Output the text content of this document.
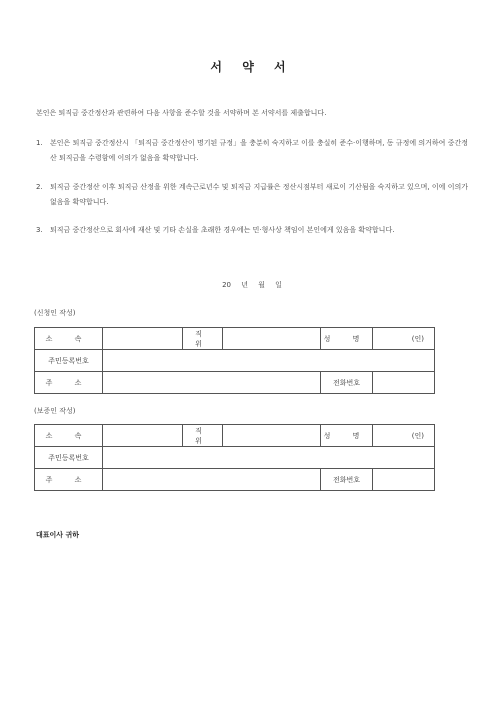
서 약 서
본인은 퇴직금 중간정산과 관련하여 다음 사항을 준수할 것을 서약하며 본 서약서를 제출합니다.
1. 본인은 퇴직금 중간정산시 「퇴직금 중간정산이 명기된 규정」을 충분히 숙지하고 이를 충실히 준수·이행하며, 동 규정에 의거하여 중간정산 퇴직금을 수령함에 이의가 없음을 확약합니다.
2. 퇴직금 중간정산 이후 퇴직금 산정을 위한 계속근로년수 및 퇴직금 지급률은 정산시점부터 새로이 기산됨을 숙지하고 있으며, 이에 이의가 없음을 확약합니다.
3. 퇴직금 중간정산으로 회사에 재산 및 기타 손실을 초래한 경우에는 민·형사상 책임이 본인에게 있음을 확약합니다.
20 년 월 일
(신청인 작성)
소 속		직 위		성 명	(인)
주민등록번호					
주 소				전화번호	
(보증인 작성)
소 속		직 위		성 명	(인)
주민등록번호					
주 소				전화번호	
대표이사 귀하
